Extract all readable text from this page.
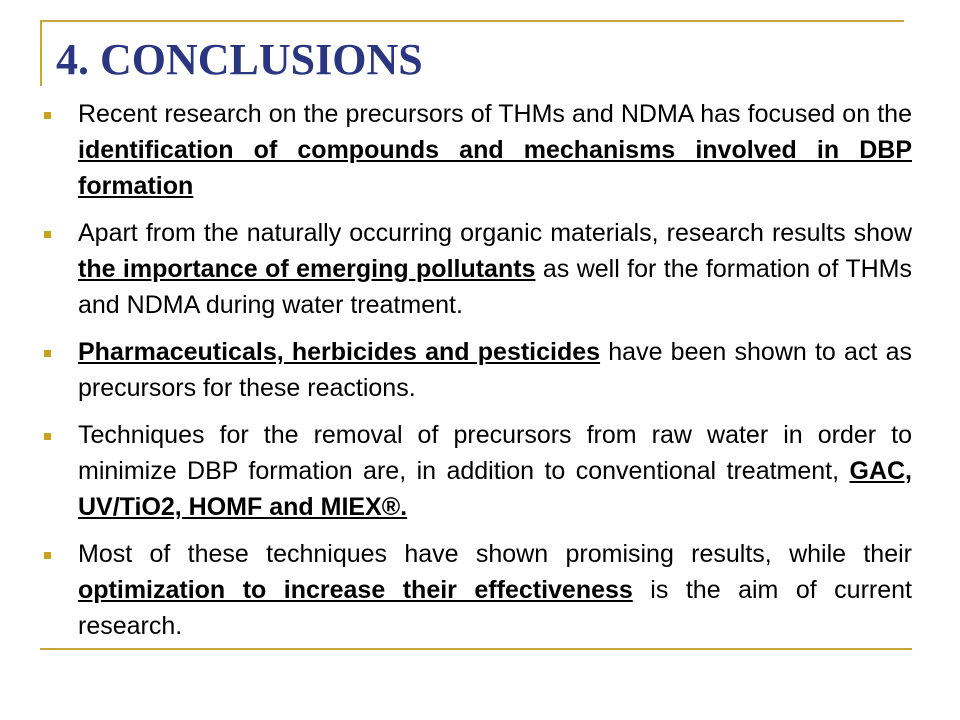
4. CONCLUSIONS

Recent research on the precursors of THMs and NDMA has focused on the identification of compounds and mechanisms involved in DBP formation

Apart from the naturally occurring organic materials, research results show the importance of emerging pollutants as well for the formation of THMs and NDMA during water treatment.

Pharmaceuticals, herbicides and pesticides have been shown to act as precursors for these reactions.

Techniques for the removal of precursors from raw water in order to minimize DBP formation are, in addition to conventional treatment, GAC, UV/TiO2, HOMF and MIEX®.

Most of these techniques have shown promising results, while their optimization to increase their effectiveness is the aim of current research.
